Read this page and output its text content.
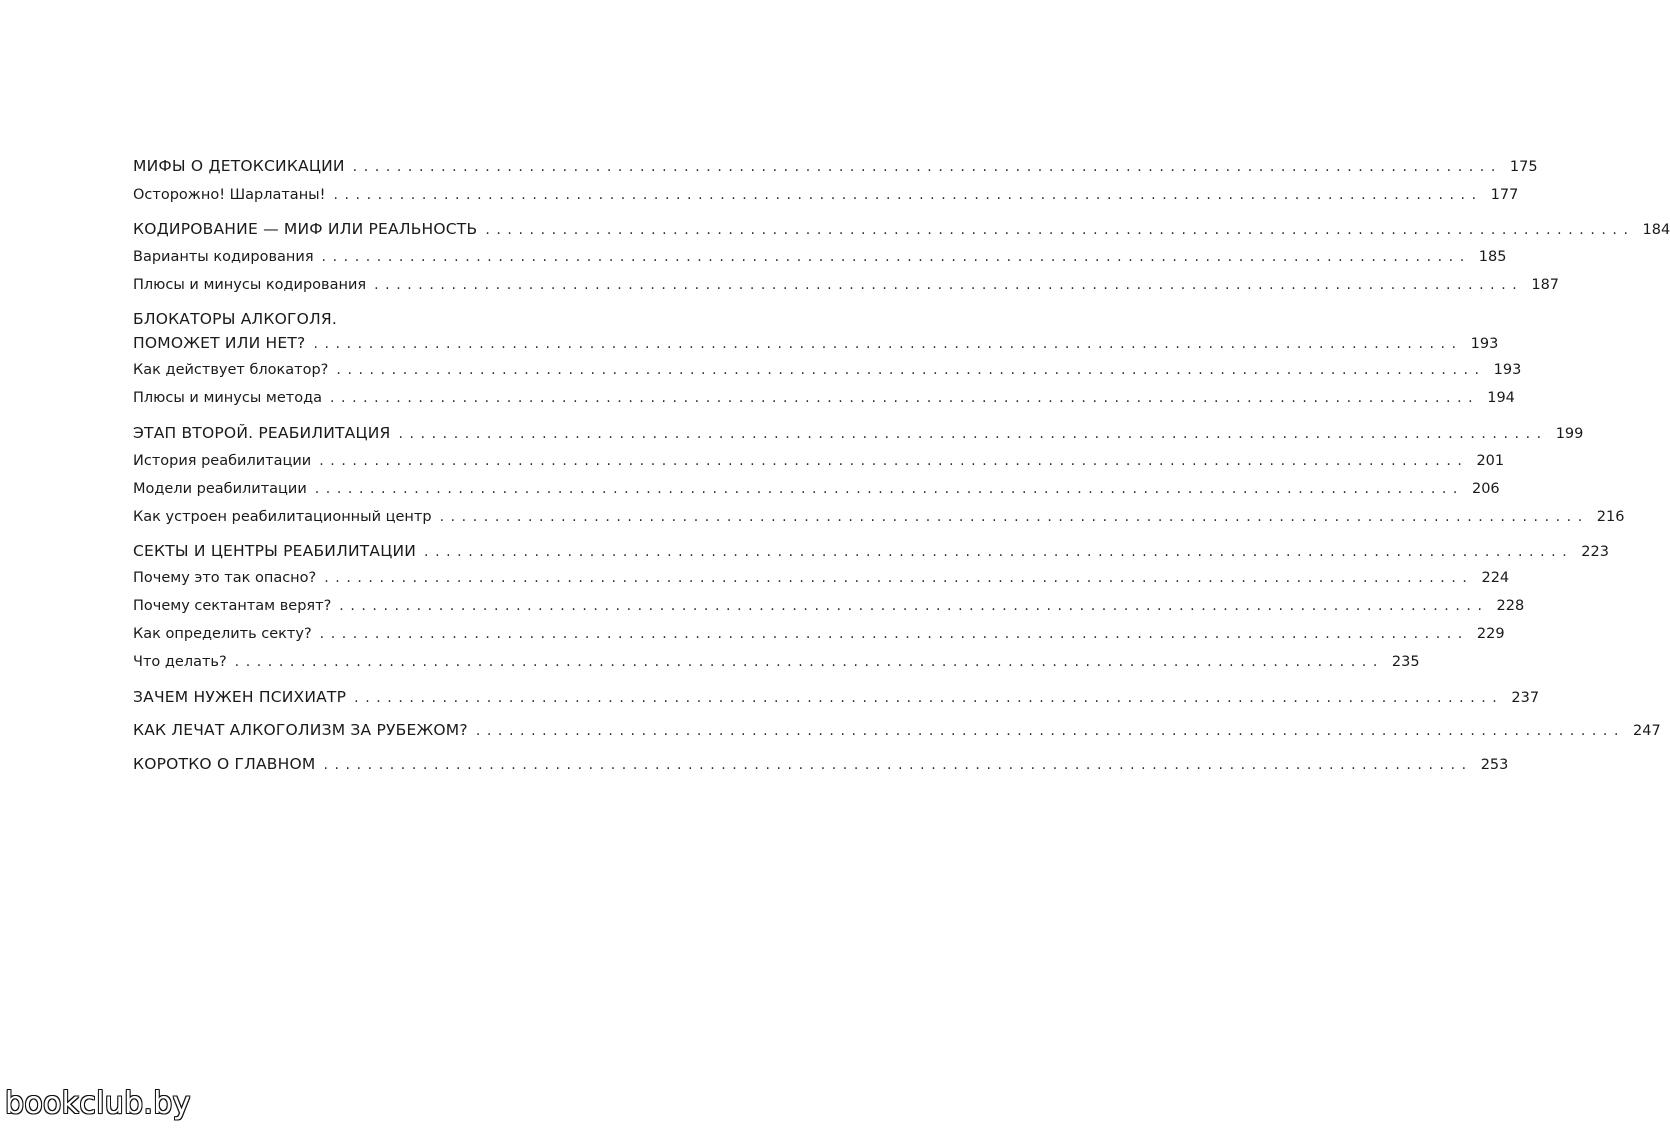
МИФЫ О ДЕТОКСИКАЦИИ ........................................................................................................ 175
Осторожно! Шарлатаны! ........................................................................................................ 177
КОДИРОВАНИЕ — МИФ ИЛИ РЕАЛЬНОСТЬ ........................................................................................................ 184
Варианты кодирования ........................................................................................................ 185
Плюсы и минусы кодирования ........................................................................................................ 187
БЛОКАТОРЫ АЛКОГОЛЯ.
ПОМОЖЕТ ИЛИ НЕТ? ........................................................................................................ 193
Как действует блокатор? ........................................................................................................ 193
Плюсы и минусы метода ........................................................................................................ 194
ЭТАП ВТОРОЙ. РЕАБИЛИТАЦИЯ ........................................................................................................ 199
История реабилитации ........................................................................................................ 201
Модели реабилитации ........................................................................................................ 206
Как устроен реабилитационный центр ........................................................................................................ 216
СЕКТЫ И ЦЕНТРЫ РЕАБИЛИТАЦИИ ........................................................................................................ 223
Почему это так опасно? ........................................................................................................ 224
Почему сектантам верят? ........................................................................................................ 228
Как определить секту? ........................................................................................................ 229
Что делать? ........................................................................................................ 235
ЗАЧЕМ НУЖЕН ПСИХИАТР ........................................................................................................ 237
КАК ЛЕЧАТ АЛКОГОЛИЗМ ЗА РУБЕЖОМ? ........................................................................................................ 247
КОРОТКО О ГЛАВНОМ ........................................................................................................ 253
bookclub.by
